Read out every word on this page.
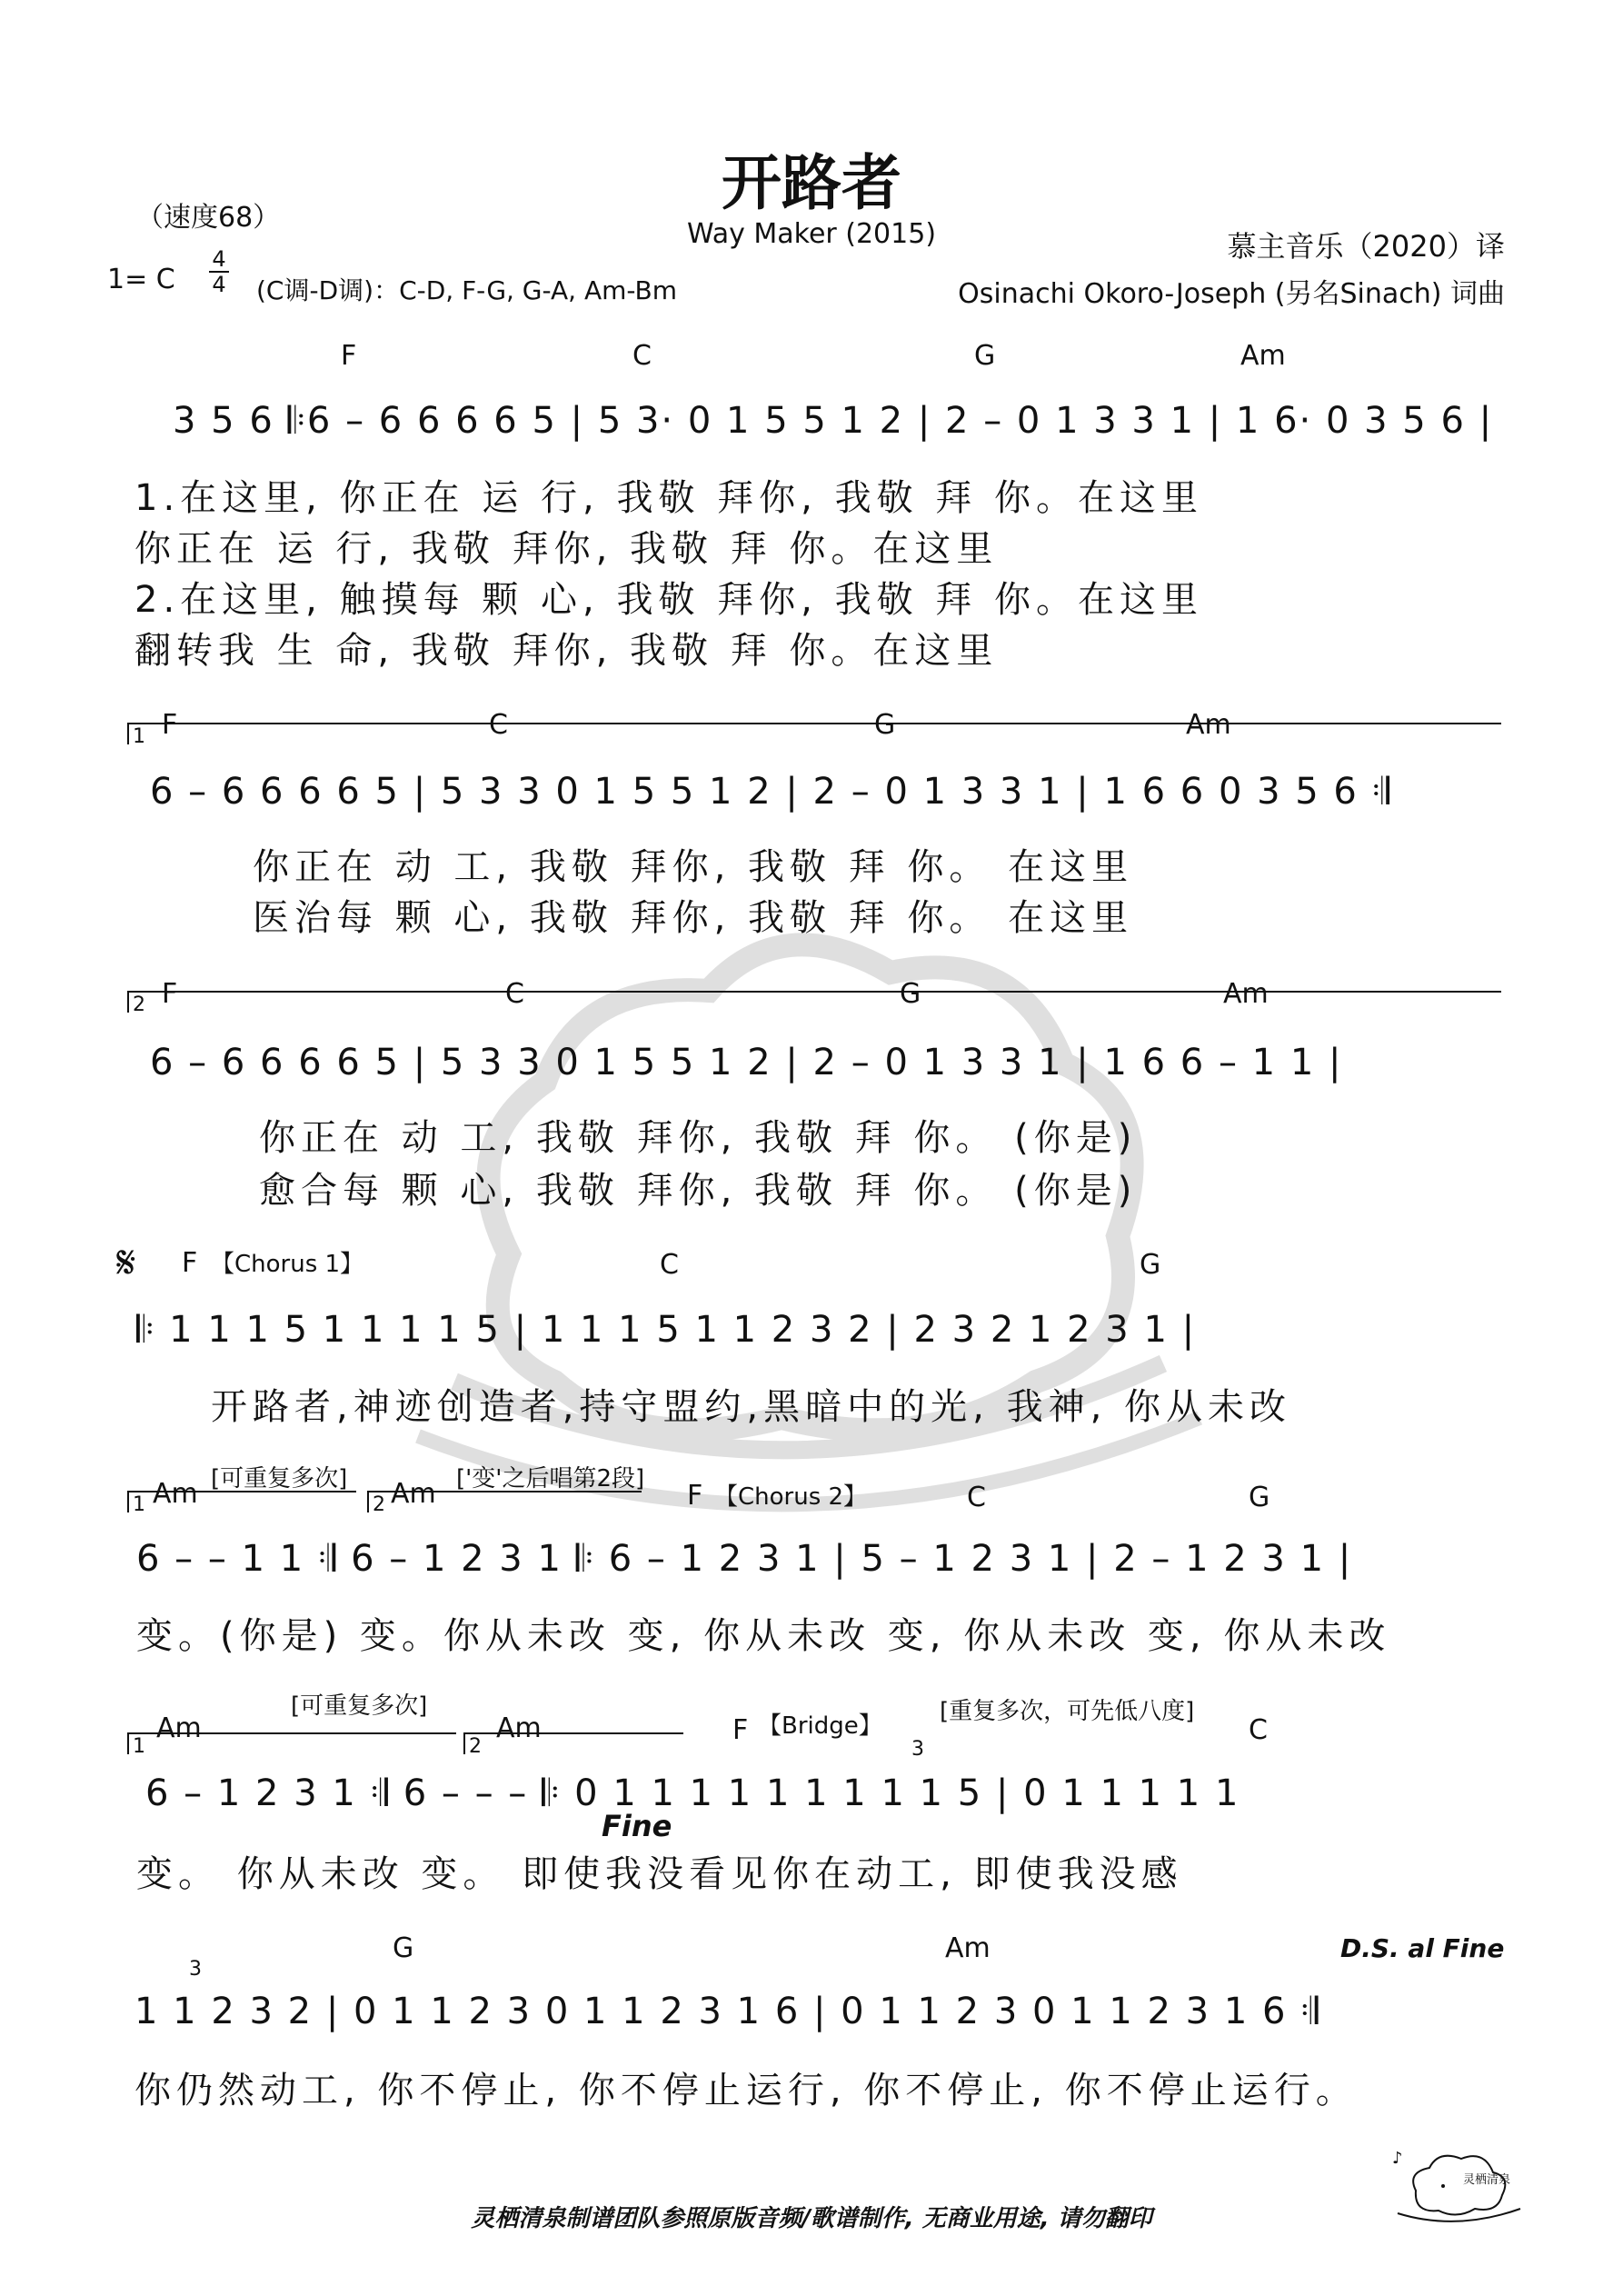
开路者
Way Maker (2015)
（速度68）
1= C
4
4 (C调-D调)：C-D, F-G, G-A, Am-Bm
慕主音乐（2020）译
Osinachi Okoro-Joseph (另名Sinach) 词曲
F	C	G	Am
3 5 6 𝄆6 – 6 6 6 6 5 | 5 3· 0 1 5 5 1 2 | 2 – 0 1 3 3 1 | 1 6· 0 3 5 6 |
1.在这里, 你正在 运 行, 我敬 拜你, 我敬 拜 你。在这里
你正在 运 行, 我敬 拜你, 我敬 拜 你。在这里
2.在这里, 触摸每 颗 心, 我敬 拜你, 我敬 拜 你。在这里
翻转我 生 命, 我敬 拜你, 我敬 拜 你。在这里
1 F	C	G	Am
6 – 6 6 6 6 5 | 5 3 3 0 1 5 5 1 2 | 2 – 0 1 3 3 1 | 1 6 6 0 3 5 6 𝄇
你正在 动 工, 我敬 拜你, 我敬 拜 你。 在这里
医治每 颗 心, 我敬 拜你, 我敬 拜 你。 在这里
2 F	C	G	Am
6 – 6 6 6 6 5 | 5 3 3 0 1 5 5 1 2 | 2 – 0 1 3 3 1 | 1 6 6 – 1 1 |
你正在 动 工, 我敬 拜你, 我敬 拜 你。 (你是)
愈合每 颗 心, 我敬 拜你, 我敬 拜 你。 (你是)
𝄋 F 【Chorus 1】	C	G
𝄆 1 1 1 5 1 1 1 1 5 | 1 1 1 5 1 1 2 3 2 | 2 3 2 1 2 3 1 |
开路者,神迹创造者,持守盟约,黑暗中的光, 我神, 你从未改
1
[可重复多次]
2
['变'之后唱第2段]
Am	Am	F 【Chorus 2】	C	G
6 – – 1 1 𝄇 6 – 1 2 3 1 𝄆 6 – 1 2 3 1 | 5 – 1 2 3 1 | 2 – 1 2 3 1 |
变。(你是) 变。你从未改 变, 你从未改 变, 你从未改 变, 你从未改
1
[可重复多次]
2
Am	Am	F 【Bridge】
[重复多次，可先低八度]
C
3
6 – 1 2 3 1 𝄇 6 – – – 𝄆 0 1 1 1 1 1 1 1 1 1 5 | 0 1 1 1 1 1
Fine
变。 你从未改 变。 即使我没看见你在动工, 即使我没感
3
G	Am	D.S. al Fine
1 1 2 3 2 | 0 1 1 2 3 0 1 1 2 3 1 6 | 0 1 1 2 3 0 1 1 2 3 1 6 𝄇
你仍然动工, 你不停止, 你不停止运行, 你不停止, 你不停止运行。
灵栖清泉制谱团队参照原版音频/歌谱制作, 无商业用途, 请勿翻印
♪
灵栖清泉
